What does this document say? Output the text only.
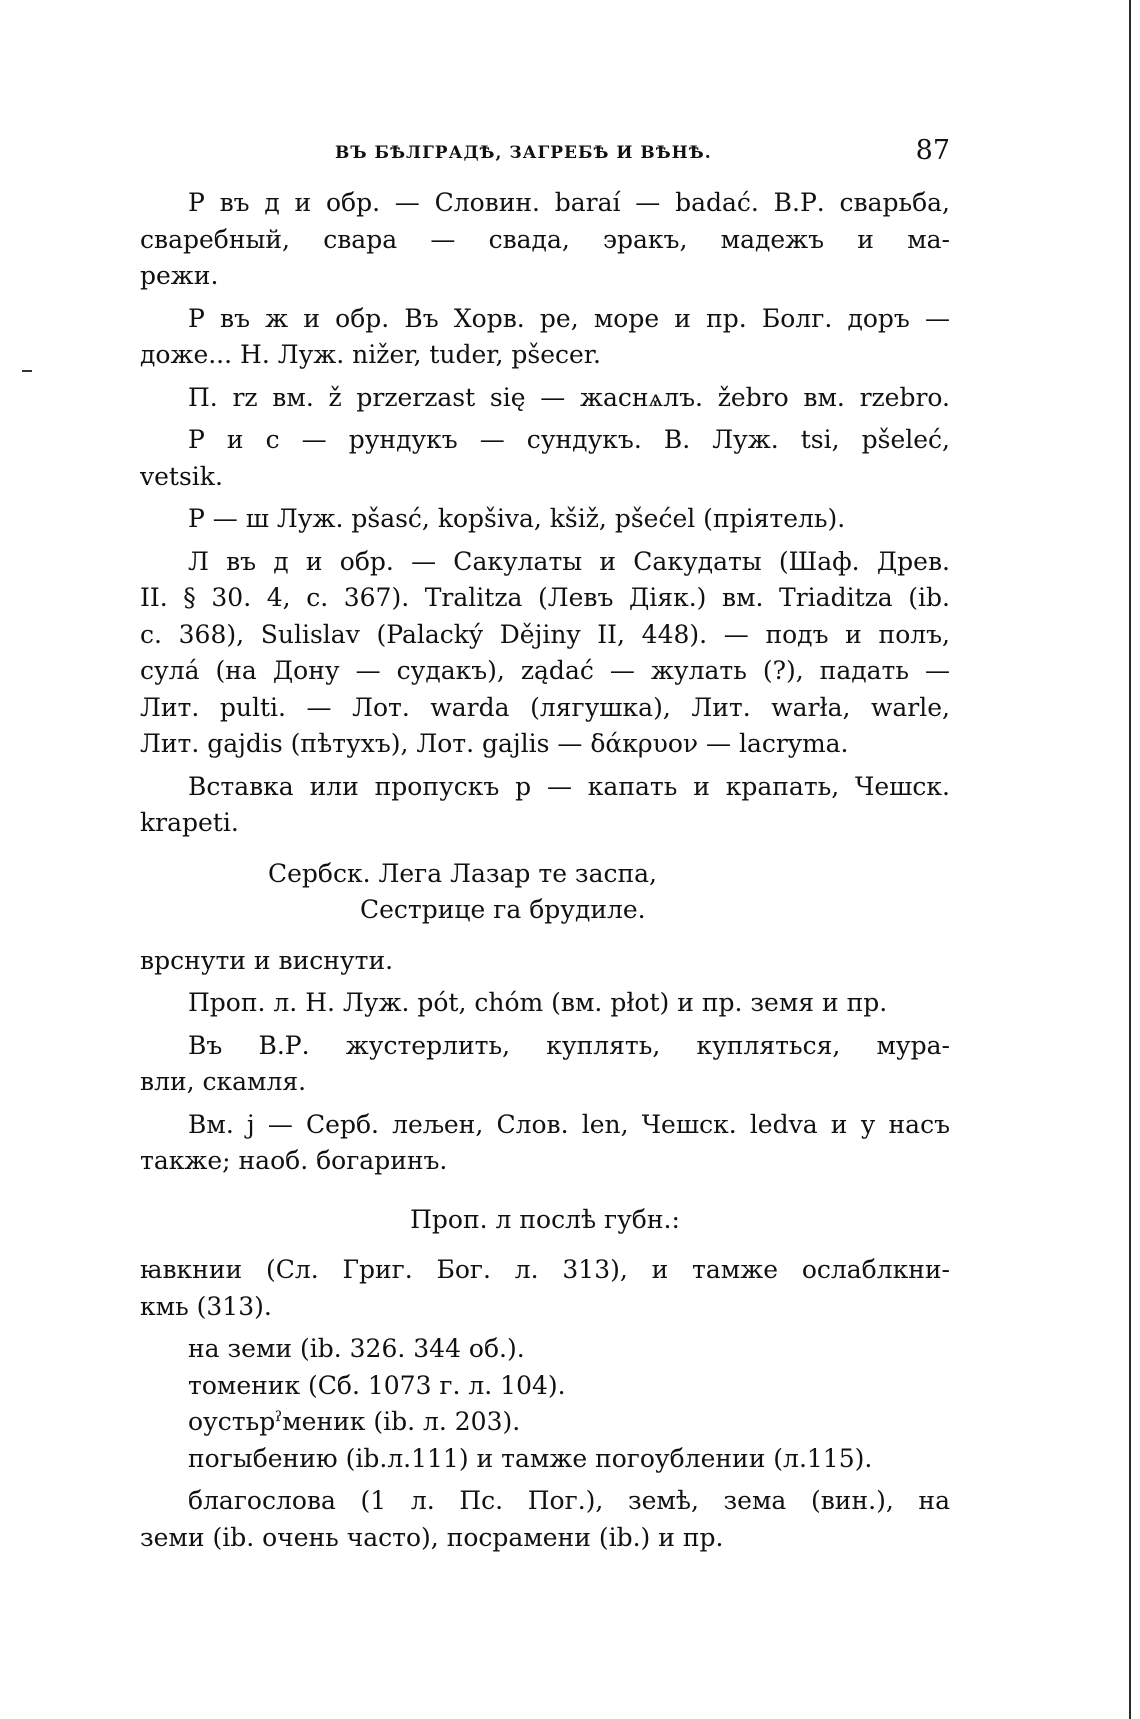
ВЪ БѢЛГРАДѢ, ЗАГРЕБѢ И ВѢНѢ.	87
Р въ д и обр. — Словин. baraí — badać. В.Р. сварьба,
сваребный, свара — свада, эракъ, мадежъ и ма-
режи.
Р въ ж и обр. Въ Хорв. ре, море и пр. Болг. доръ —
доже... Н. Луж. nižer, tuder, pšecer.
П. rz вм. ž przerzast się — жаснѧлъ. žebro вм. rzebro.
Р и с — рундукъ — сундукъ. В. Луж. tsi, pšeleć,
vetsik.
Р — ш Луж. pšasć, kopšiva, kšiž, pšećel (пріятель).
Л въ д и обр. — Сакулаты и Сакудаты (Шаф. Древ.
II. § 30. 4, с. 367). Tralitza (Левъ Дiяк.) вм. Triaditza (ib.
с. 368), Sulislav (Palacký Dějiny II, 448). — подъ и полъ,
сулá (на Дону — судакъ), ządać — жулать (?), падать —
Лит. pulti. — Лот. warda (лягушка), Лит. warła, warle,
Лит. gajdis (пѣтухъ), Лот. gajlis — δάκρυον — lacryma.
Вставка или пропускъ р — капать и крапать, Чешск.
krapeti.
Сербск. Лега Лазар те заспа,
Сестрице га брудиле.
врснути и виснути.
Проп. л. Н. Луж. pót, chóm (вм. płot) и пр. земя и пр.
Въ В.Р. жустерлить, куплять, купляться, мура-
вли, скамля.
Вм. j — Серб. лељен, Слов. len, Чешск. ledva и у насъ
также; наоб. богаринъ.
Проп. л послѣ губн.:
ꙗвкнии (Сл. Григ. Бог. л. 313), и тамже ослаблкни-
кмь (313).
на земи (ib. 326. 344 об.).
томеник (Сб. 1073 г. л. 104).
оустьрˀменик (ib. л. 203).
погыбению (ib.л.111) и тамже погоублении (л.115).
благослова (1 л. Пс. Пог.), земѣ, зема (вин.), на
земи (ib. очень часто), посрамени (ib.) и пр.
